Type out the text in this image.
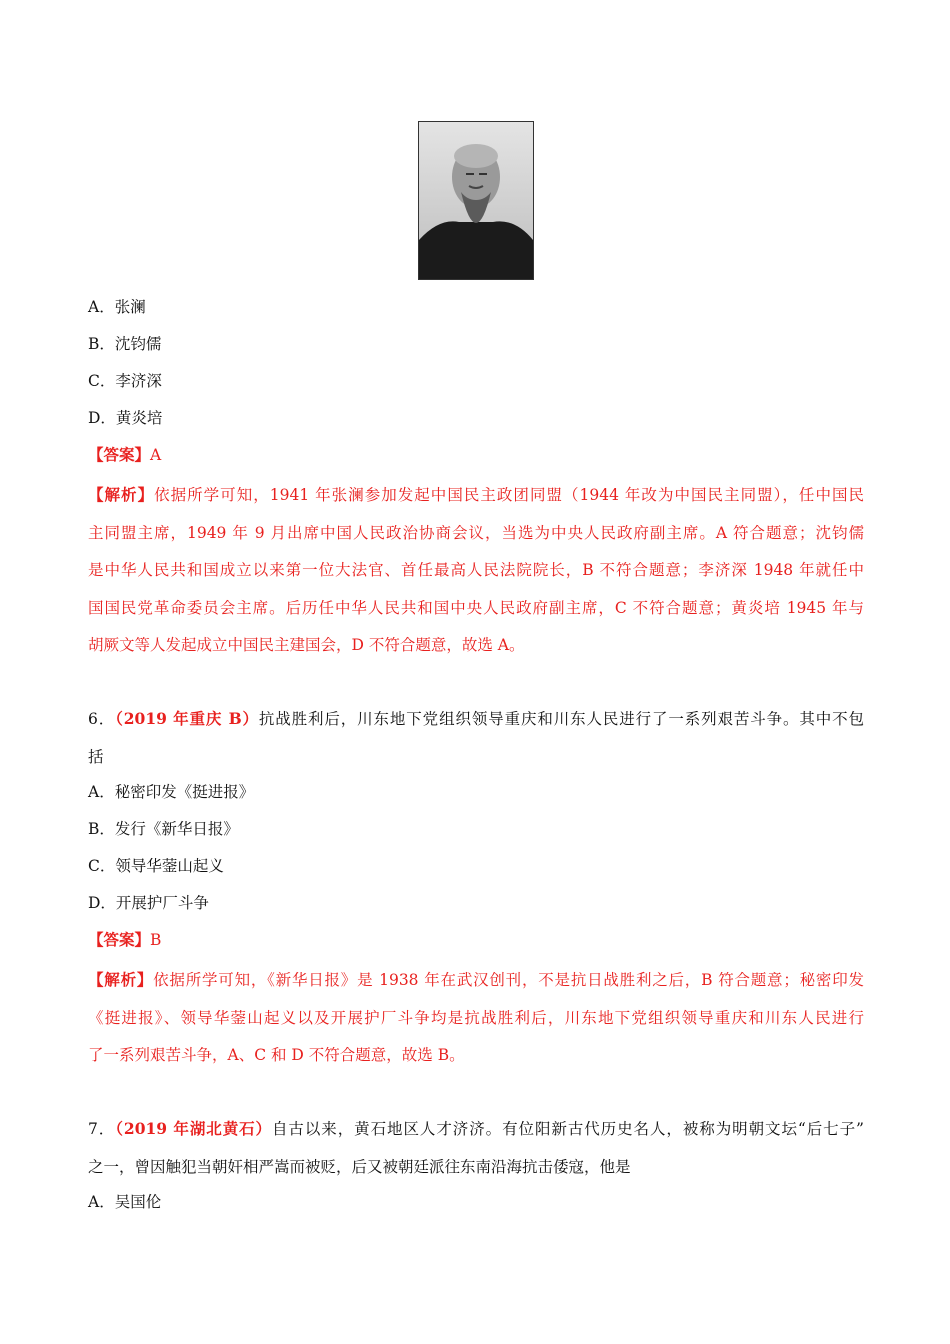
A．张澜
B．沈钧儒
C．李济深
D．黄炎培
【答案】A
【解析】依据所学可知，1941 年张澜参加发起中国民主政团同盟（1944 年改为中国民主同盟），任中国民
主同盟主席，1949 年 9 月出席中国人民政治协商会议，当选为中央人民政府副主席。A 符合题意；沈钧儒
是中华人民共和国成立以来第一位大法官、首任最高人民法院院长，B 不符合题意；李济深 1948 年就任中
国国民党革命委员会主席。后历任中华人民共和国中央人民政府副主席，C 不符合题意；黄炎培 1945 年与
胡厥文等人发起成立中国民主建国会，D 不符合题意，故选 A。
6．（2019 年重庆 B）抗战胜利后，川东地下党组织领导重庆和川东人民进行了一系列艰苦斗争。其中不包
括
A．秘密印发《挺进报》
B．发行《新华日报》
C．领导华蓥山起义
D．开展护厂斗争
【答案】B
【解析】依据所学可知，《新华日报》是 1938 年在武汉创刊，不是抗日战胜利之后，B 符合题意；秘密印发
《挺进报》、领导华蓥山起义以及开展护厂斗争均是抗战胜利后，川东地下党组织领导重庆和川东人民进行
了一系列艰苦斗争，A、C 和 D 不符合题意，故选 B。
7．（2019 年湖北黄石）自古以来，黄石地区人才济济。有位阳新古代历史名人，被称为明朝文坛“后七子”
之一，曾因触犯当朝奸相严嵩而被贬，后又被朝廷派往东南沿海抗击倭寇，他是
A．吴国伦
